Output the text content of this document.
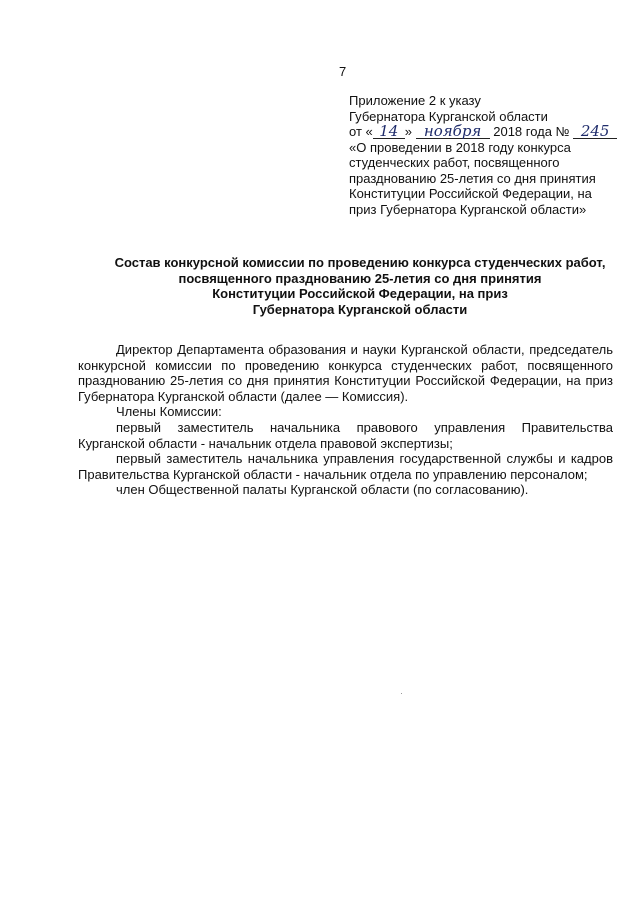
7
Приложение 2 к указу
Губернатора Курганской области
от « 14 » ноября 2018 года № 245
«О проведении в 2018 году конкурса
студенческих работ, посвященного
празднованию 25-летия со дня принятия
Конституции Российской Федерации, на
приз Губернатора Курганской области»
Состав конкурсной комиссии по проведению конкурса студенческих работ,
посвященного празднованию 25-летия со дня принятия
Конституции Российской Федерации, на приз
Губернатора Курганской области

Директор Департамента образования и науки Курганской области, председатель конкурсной комиссии по проведению конкурса студенческих работ, посвященного празднованию 25-летия со дня принятия Конституции Российской Федерации, на приз Губернатора Курганской области (далее — Комиссия).

Члены Комиссии:

первый заместитель начальника правового управления Правительства Курганской области - начальник отдела правовой экспертизы;

первый заместитель начальника управления государственной службы и кадров Правительства Курганской области - начальник отдела по управлению персоналом;

член Общественной палаты Курганской области (по согласованию).
